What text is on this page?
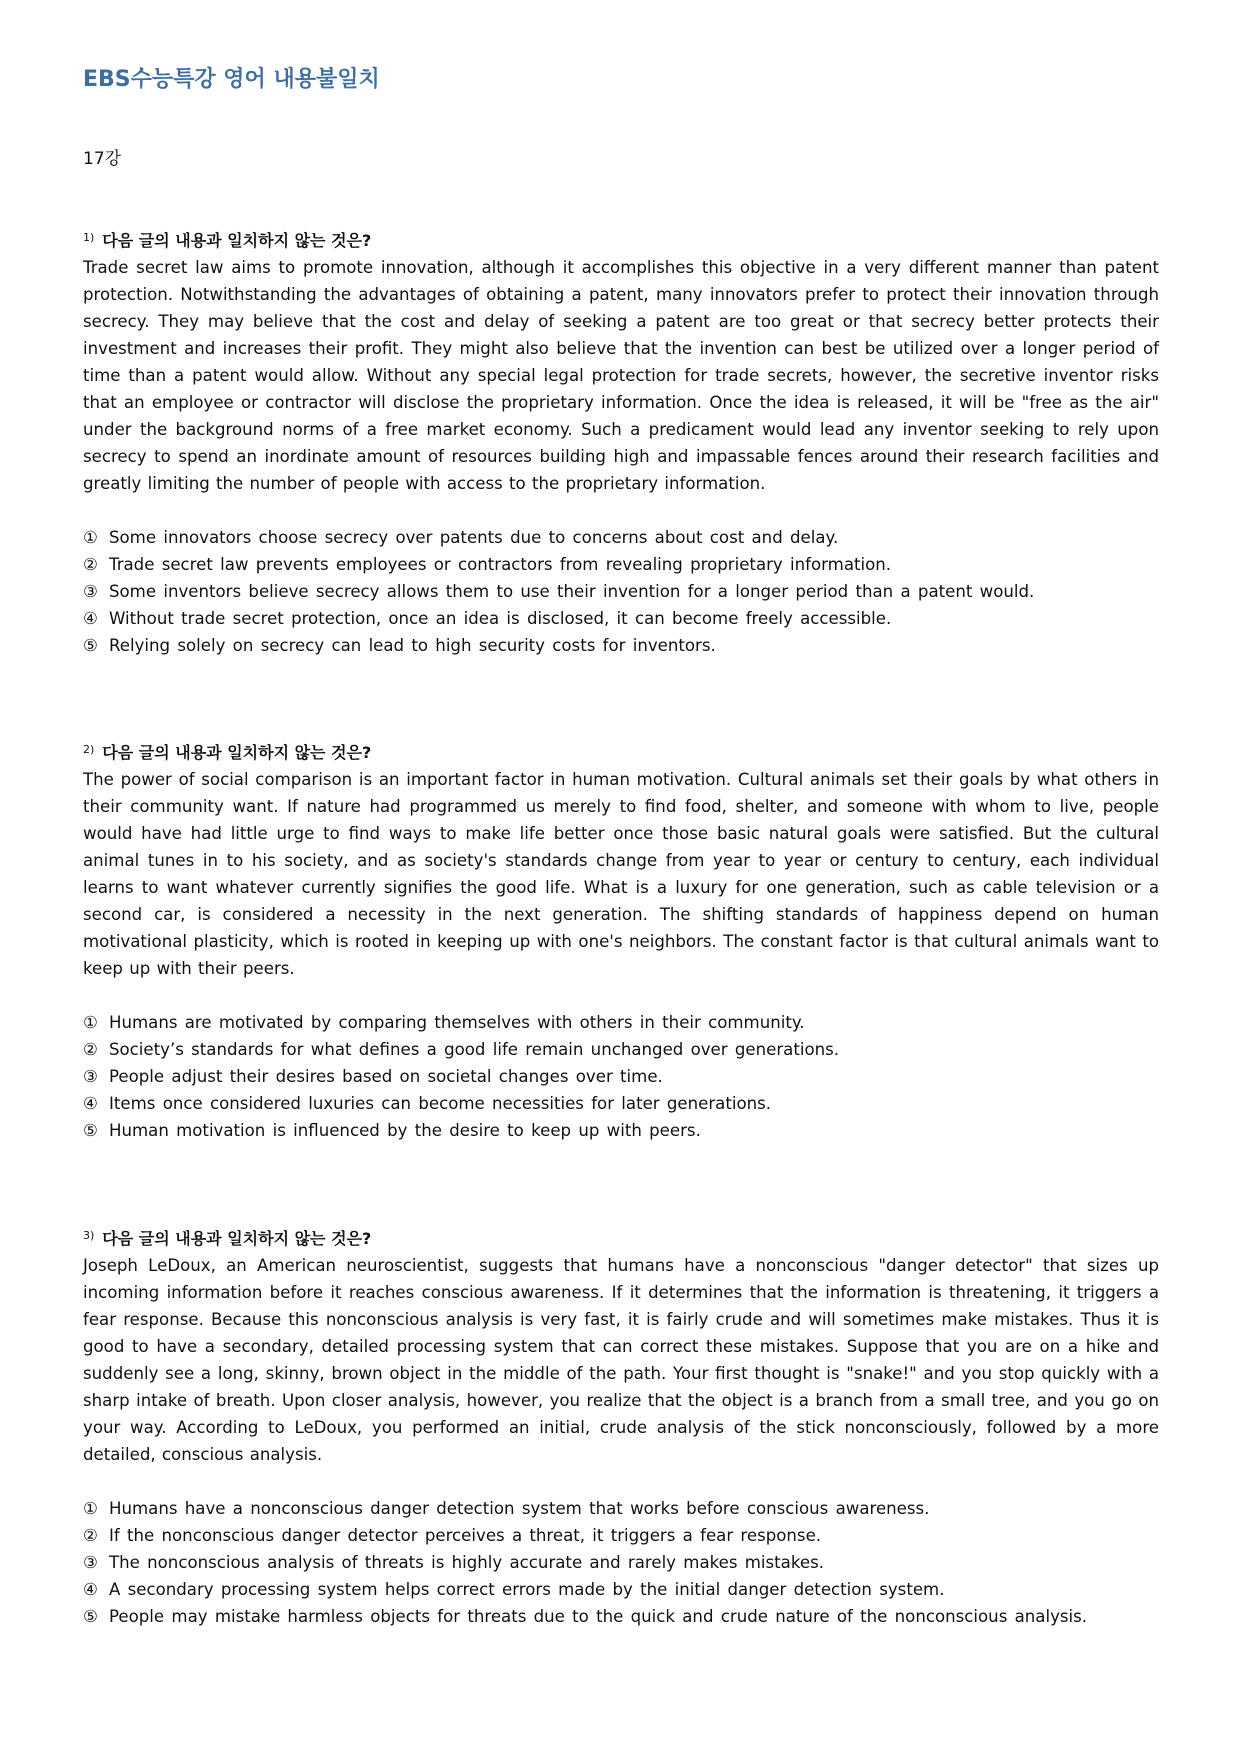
EBS수능특강 영어 내용불일치
17강
$^{1)}$ 다음 글의 내용과 일치하지 않는 것은?

Trade secret law aims to promote innovation, although it accomplishes this objective in a very different manner than patent protection. Notwithstanding the advantages of obtaining a patent, many innovators prefer to protect their innovation through secrecy. They may believe that the cost and delay of seeking a patent are too great or that secrecy better protects their investment and increases their profit. They might also believe that the invention can best be utilized over a longer period of time than a patent would allow. Without any special legal protection for trade secrets, however, the secretive inventor risks that an employee or contractor will disclose the proprietary information. Once the idea is released, it will be "free as the air" under the background norms of a free market economy. Such a predicament would lead any inventor seeking to rely upon secrecy to spend an inordinate amount of resources building high and impassable fences around their research facilities and greatly limiting the number of people with access to the proprietary information.

① Some innovators choose secrecy over patents due to concerns about cost and delay.
② Trade secret law prevents employees or contractors from revealing proprietary information.
③ Some inventors believe secrecy allows them to use their invention for a longer period than a patent would.
④ Without trade secret protection, once an idea is disclosed, it can become freely accessible.
⑤ Relying solely on secrecy can lead to high security costs for inventors.
$^{2)}$ 다음 글의 내용과 일치하지 않는 것은?

The power of social comparison is an important factor in human motivation. Cultural animals set their goals by what others in their community want. If nature had programmed us merely to find food, shelter, and someone with whom to live, people would have had little urge to find ways to make life better once those basic natural goals were satisfied. But the cultural animal tunes in to his society, and as society's standards change from year to year or century to century, each individual learns to want whatever currently signifies the good life. What is a luxury for one generation, such as cable television or a second car, is considered a necessity in the next generation. The shifting standards of happiness depend on human motivational plasticity, which is rooted in keeping up with one's neighbors. The constant factor is that cultural animals want to keep up with their peers.

① Humans are motivated by comparing themselves with others in their community.
② Society’s standards for what defines a good life remain unchanged over generations.
③ People adjust their desires based on societal changes over time.
④ Items once considered luxuries can become necessities for later generations.
⑤ Human motivation is influenced by the desire to keep up with peers.
$^{3)}$ 다음 글의 내용과 일치하지 않는 것은?

Joseph LeDoux, an American neuroscientist, suggests that humans have a nonconscious "danger detector" that sizes up incoming information before it reaches conscious awareness. If it determines that the information is threatening, it triggers a fear response. Because this nonconscious analysis is very fast, it is fairly crude and will sometimes make mistakes. Thus it is good to have a secondary, detailed processing system that can correct these mistakes. Suppose that you are on a hike and suddenly see a long, skinny, brown object in the middle of the path. Your first thought is "snake!" and you stop quickly with a sharp intake of breath. Upon closer analysis, however, you realize that the object is a branch from a small tree, and you go on your way. According to LeDoux, you performed an initial, crude analysis of the stick nonconsciously, followed by a more detailed, conscious analysis.

① Humans have a nonconscious danger detection system that works before conscious awareness.
② If the nonconscious danger detector perceives a threat, it triggers a fear response.
③ The nonconscious analysis of threats is highly accurate and rarely makes mistakes.
④ A secondary processing system helps correct errors made by the initial danger detection system.
⑤ People may mistake harmless objects for threats due to the quick and crude nature of the nonconscious analysis.
